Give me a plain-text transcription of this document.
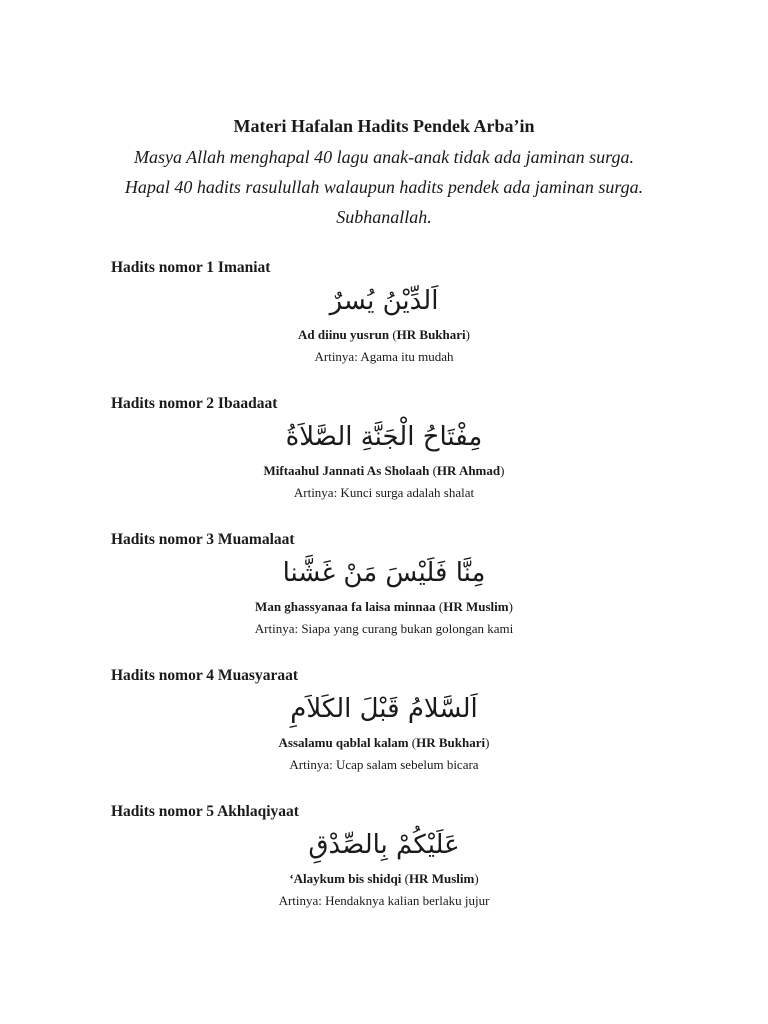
Materi Hafalan Hadits Pendek Arba’in

Masya Allah menghapal 40 lagu anak-anak tidak ada jaminan surga.

Hapal 40 hadits rasulullah walaupun hadits pendek ada jaminan surga.

Subhanallah.

Hadits nomor 1 Imaniat

اَلدِّيْنُ يُسرٌ

Ad diinu yusrun (HR Bukhari)

Artinya: Agama itu mudah

Hadits nomor 2 Ibaadaat

مِفْتَاحُ الْجَنَّةِ الصَّلاَةُ

Miftaahul Jannati As Sholaah (HR Ahmad)

Artinya: Kunci surga adalah shalat

Hadits nomor 3 Muamalaat

مِنَّا فَلَيْسَ مَنْ غَشَّنا

Man ghassyanaa fa laisa minnaa (HR Muslim)

Artinya: Siapa yang curang bukan golongan kami

Hadits nomor 4 Muasyaraat

اَلسَّلامُ قَبْلَ الكَلاَمِ

Assalamu qablal kalam (HR Bukhari)

Artinya: Ucap salam sebelum bicara

Hadits nomor 5 Akhlaqiyaat

عَلَيْكُمْ بِالصِّدْقِ

‘Alaykum bis shidqi (HR Muslim)

Artinya: Hendaknya kalian berlaku jujur
